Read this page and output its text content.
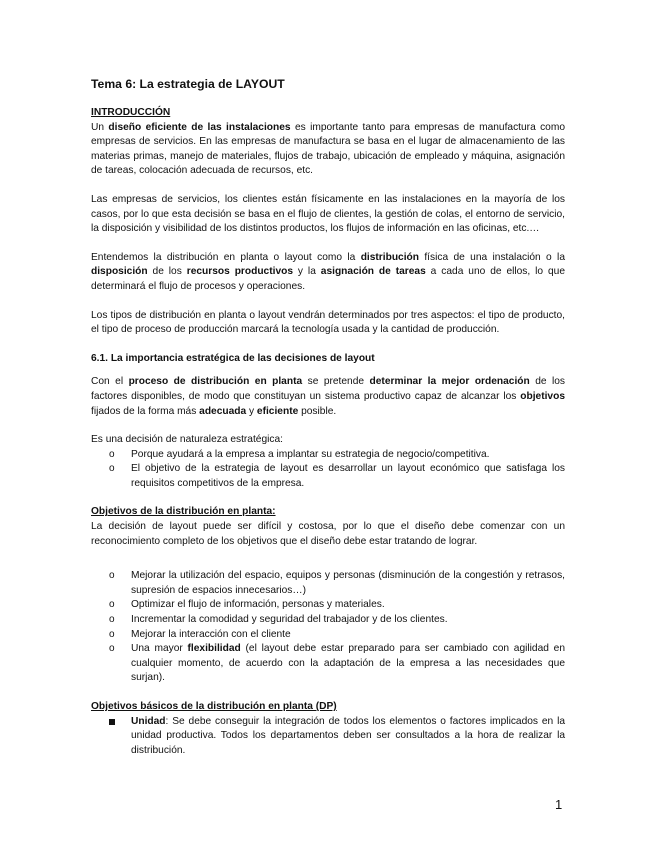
Tema 6: La estrategia de LAYOUT
INTRODUCCIÓN

Un diseño eficiente de las instalaciones es importante tanto para empresas de manufactura como empresas de servicios. En las empresas de manufactura se basa en el lugar de almacenamiento de las materias primas, manejo de materiales, flujos de trabajo, ubicación de empleado y máquina, asignación de tareas, colocación adecuada de recursos, etc.

Las empresas de servicios, los clientes están físicamente en las instalaciones en la mayoría de los casos, por lo que esta decisión se basa en el flujo de clientes, la gestión de colas, el entorno de servicio, la disposición y visibilidad de los distintos productos, los flujos de información en las oficinas, etc.…

Entendemos la distribución en planta o layout como la distribución física de una instalación o la disposición de los recursos productivos y la asignación de tareas a cada uno de ellos, lo que determinará el flujo de procesos y operaciones.

Los tipos de distribución en planta o layout vendrán determinados por tres aspectos: el tipo de producto, el tipo de proceso de producción marcará la tecnología usada y la cantidad de producción.

6.1. La importancia estratégica de las decisiones de layout

Con el proceso de distribución en planta se pretende determinar la mejor ordenación de los factores disponibles, de modo que constituyan un sistema productivo capaz de alcanzar los objetivos fijados de la forma más adecuada y eficiente posible.

Es una decisión de naturaleza estratégica:

o Porque ayudará a la empresa a implantar su estrategia de negocio/competitiva.
o El objetivo de la estrategia de layout es desarrollar un layout económico que satisfaga los requisitos competitivos de la empresa.
Objetivos de la distribución en planta:

La decisión de layout puede ser difícil y costosa, por lo que el diseño debe comenzar con un reconocimiento completo de los objetivos que el diseño debe estar tratando de lograr.

o Mejorar la utilización del espacio, equipos y personas (disminución de la congestión y retrasos, supresión de espacios innecesarios…)
o Optimizar el flujo de información, personas y materiales.
o Incrementar la comodidad y seguridad del trabajador y de los clientes.
o Mejorar la interacción con el cliente
o Una mayor flexibilidad (el layout debe estar preparado para ser cambiado con agilidad en cualquier momento, de acuerdo con la adaptación de la empresa a las necesidades que surjan).
Objetivos básicos de la distribución en planta (DP)
Unidad: Se debe conseguir la integración de todos los elementos o factores implicados en la unidad productiva. Todos los departamentos deben ser consultados a la hora de realizar la distribución.
1
